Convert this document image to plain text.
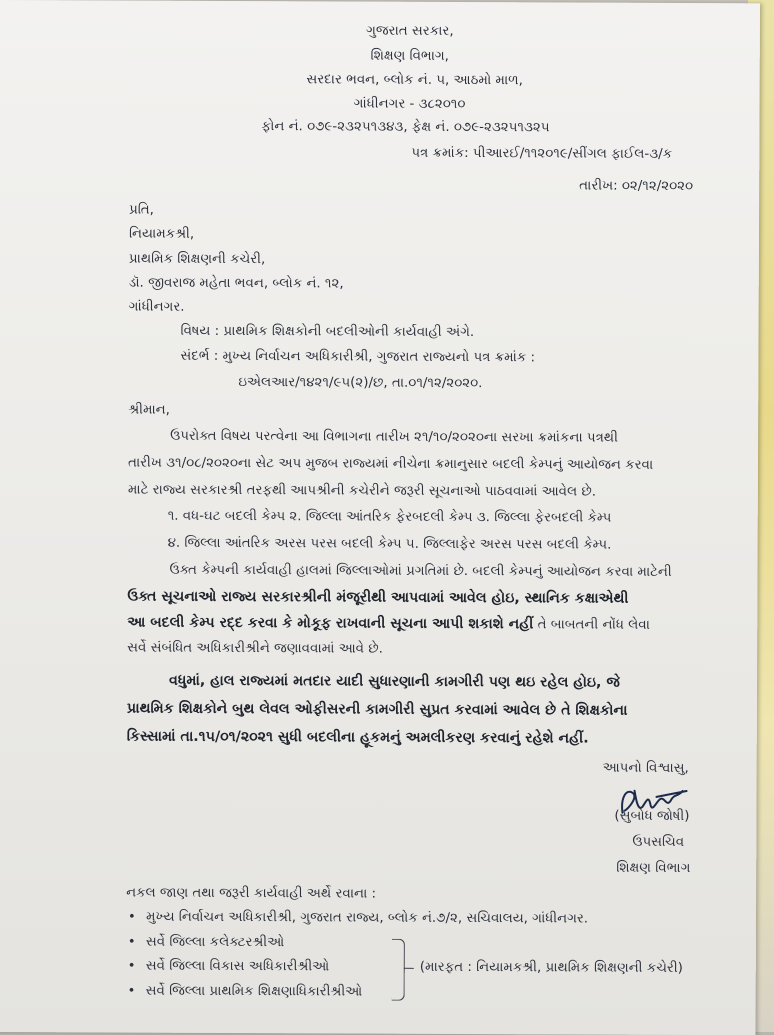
ગુજરાત સરકાર,
શિક્ષણ વિભાગ,
સરદાર ભવન, બ્લોક નં. ૫, આઠમો માળ,
ગાંધીનગર - ૩૮૨૦૧૦
ફોન નં. ૦૭૯-૨૩૨૫૧૩૪૩, ફેક્ષ નં. ૦૭૯-૨૩૨૫૧૩૨૫
પત્ર ક્રમાંક: પીઆરઈ/૧૧૨૦૧૯/સીંગલ ફાઈલ-૩/ક
તારીખ: ૦૨/૧૨/૨૦૨૦
પ્રતિ,
નિયામકશ્રી,
પ્રાથમિક શિક્ષણની કચેરી,
ડૉ. જીવરાજ મહેતા ભવન, બ્લોક નં. ૧૨,
ગાંધીનગર.
વિષય : પ્રાથમિક શિક્ષકોની બદલીઓની કાર્યવાહી અંગે.
સંદર્ભ : મુખ્ય નિર્વાચન અધિકારીશ્રી, ગુજરાત રાજ્યનો પત્ર ક્રમાંક :
ઇએલઆર/૧૪૨૧/૯૫(૨)/છ, તા.૦૧/૧૨/૨૦૨૦.
શ્રીમાન,
ઉપરોક્ત વિષય પરત્વેના આ વિભાગના તારીખ ૨૧/૧૦/૨૦૨૦ના સરખા ક્રમાંકના પત્રથી
તારીખ ૩૧/૦૮/૨૦૨૦ના સેટ અપ મુજબ રાજ્યમાં નીચેના ક્રમાનુસાર બદલી કેમ્પનું આયોજન કરવા
માટે રાજ્ય સરકારશ્રી તરફથી આપશ્રીની કચેરીને જરૂરી સૂચનાઓ પાઠવવામાં આવેલ છે.
૧. વધ-ઘટ બદલી કેમ્પ ૨. જિલ્લા આંતરિક ફેરબદલી કેમ્પ ૩. જિલ્લા ફેરબદલી કેમ્પ
૪. જિલ્લા આંતરિક અરસ પરસ બદલી કેમ્પ ૫. જિલ્લાફેર અરસ પરસ બદલી કેમ્પ.
ઉક્ત કેમ્પની કાર્યવાહી હાલમાં જિલ્લાઓમાં પ્રગતિમાં છે. બદલી કેમ્પનું આયોજન કરવા માટેની
ઉક્ત સૂચનાઓ રાજ્ય સરકારશ્રીની મંજૂરીથી આપવામાં આવેલ હોઇ, સ્થાનિક કક્ષાએથી
આ બદલી કેમ્પ રદ્દ કરવા કે મોકૂફ રાખવાની સૂચના આપી શકાશે નહીં તે બાબતની નોંધ લેવા
સર્વે સંબંધિત અધિકારીશ્રીને જણાવવામાં આવે છે.
વધુમાં, હાલ રાજ્યમાં મતદાર યાદી સુધારણાની કામગીરી પણ થઇ રહેલ હોઇ, જે
પ્રાથમિક શિક્ષકોને બુથ લેવલ ઓફીસરની કામગીરી સુપ્રત કરવામાં આવેલ છે તે શિક્ષકોના
કિસ્સામાં તા.૧૫/૦૧/૨૦૨૧ સુધી બદલીના હૂકમનું અમલીકરણ કરવાનું રહેશે નહીં.
આપનો વિશ્વાસુ,
(સુબોધ જોષી)
ઉપસચિવ
શિક્ષણ વિભાગ
નકલ જાણ તથા જરૂરી કાર્યવાહી અર્થે રવાના :
• મુખ્ય નિર્વાચન અધિકારીશ્રી, ગુજરાત રાજ્ય, બ્લોક નં.૭/૨, સચિવાલય, ગાંધીનગર.
• સર્વે જિલ્લા કલેક્ટરશ્રીઓ
• સર્વે જિલ્લા વિકાસ અધિકારીશ્રીઓ
• સર્વે જિલ્લા પ્રાથમિક શિક્ષણાધિકારીશ્રીઓ
(મારફત : નિયામકશ્રી, પ્રાથમિક શિક્ષણની કચેરી)
